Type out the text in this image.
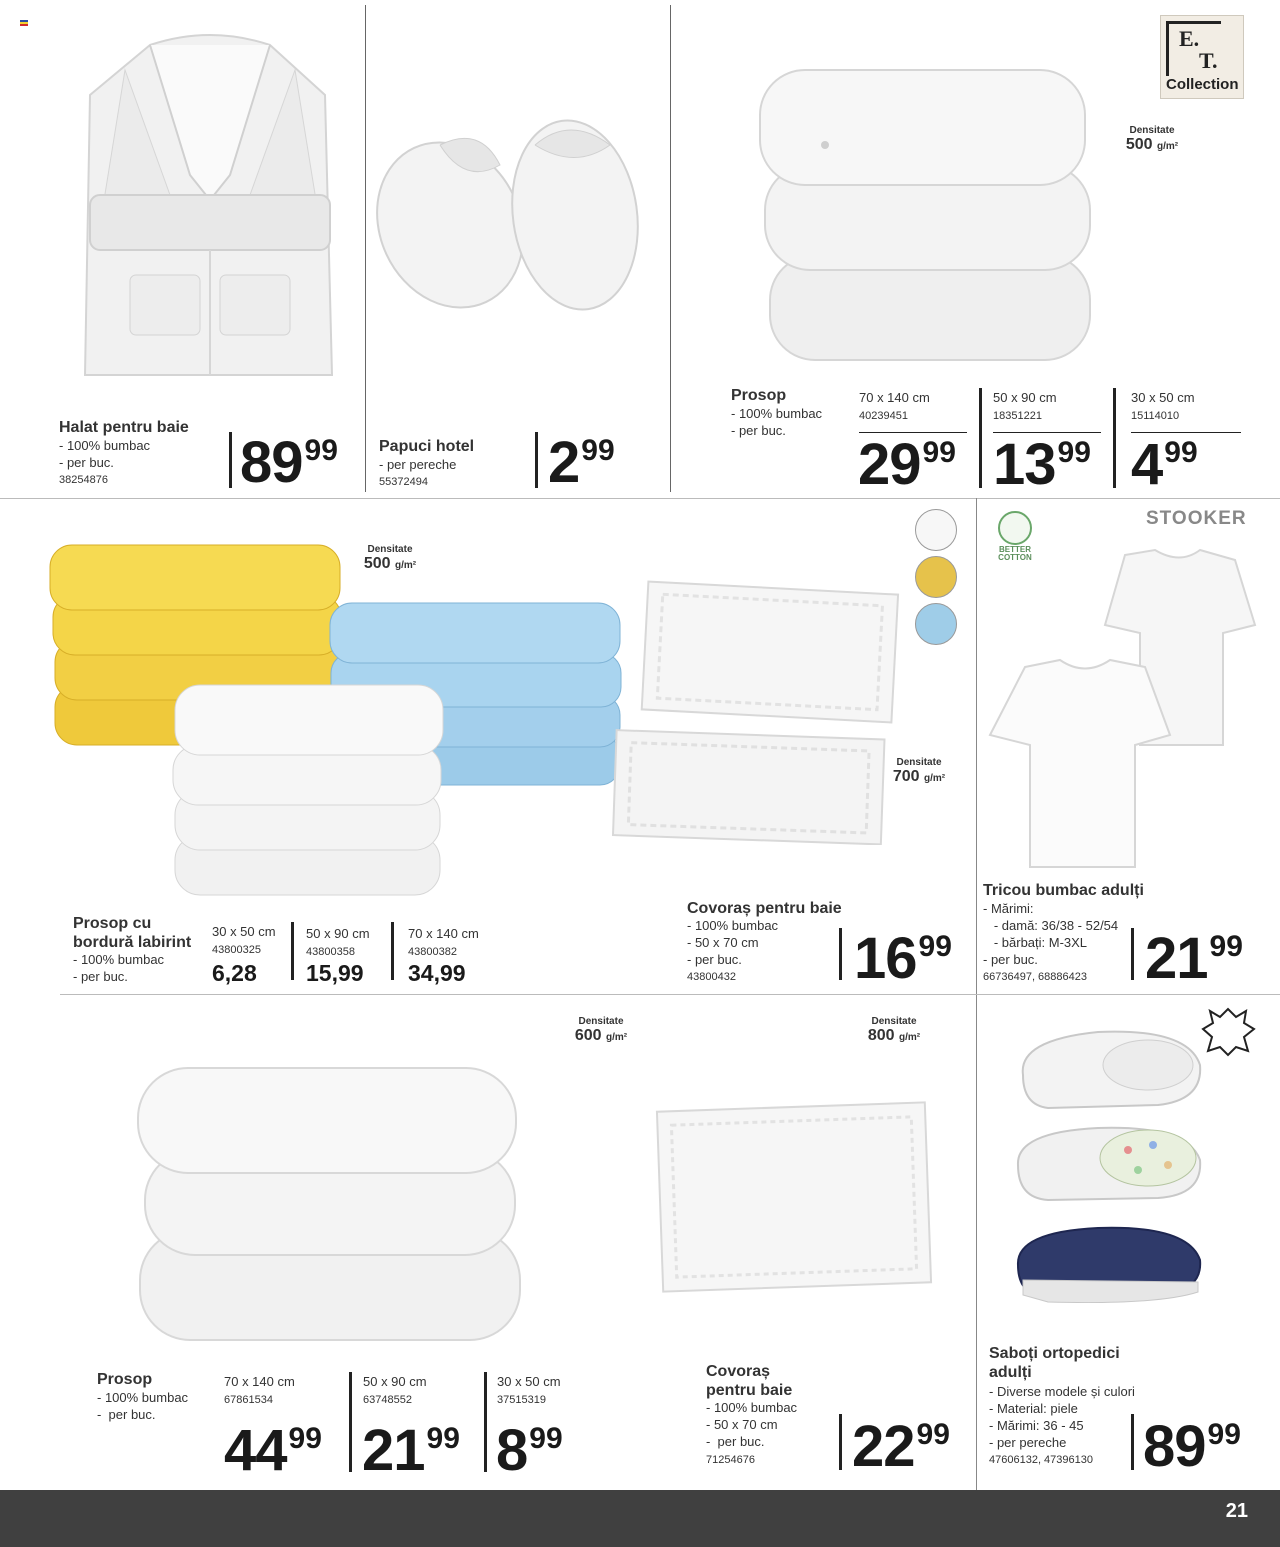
Halat pentru baie
- 100% bumbac
- per buc.
38254876 8999	Papuci hotel
- per pereche
55372494 299
E.
T.
Collection
Densitate
500 g/m²
Prosop
- 100% bumbac
- per buc.
70 x 140 cm
40239451
2999
50 x 90 cm
18351221
1399
30 x 50 cm
15114010
499
Densitate
500 g/m²
Prosop cu
bordură labirint
- 100% bumbac
- per buc.
30 x 50 cm
43800325
6,28
50 x 90 cm
43800358
15,99
70 x 140 cm
43800382
34,99
Densitate
700 g/m²
Covoraș pentru baie
- 100% bumbac
- 50 x 70 cm
- per buc.
43800432 1699
BETTER
COTTON
STOOKER
Tricou bumbac adulți
- Mărimi:
- damă: 36/38 - 52/54
- bărbați: M-3XL
- per buc.
66736497, 68886423 2199
Densitate
600 g/m²
Prosop
- 100% bumbac
-  per buc.
70 x 140 cm
67861534
4499
50 x 90 cm
63748552
2199
30 x 50 cm
37515319
899
Densitate
800 g/m²
Covoraș
pentru baie
- 100% bumbac
- 50 x 70 cm
-  per buc.
71254676 2299
Saboți ortopedici
adulți
- Diverse modele și culori
- Material: piele
- Mărimi: 36 - 45
- per pereche
47606132, 47396130 8999
21
